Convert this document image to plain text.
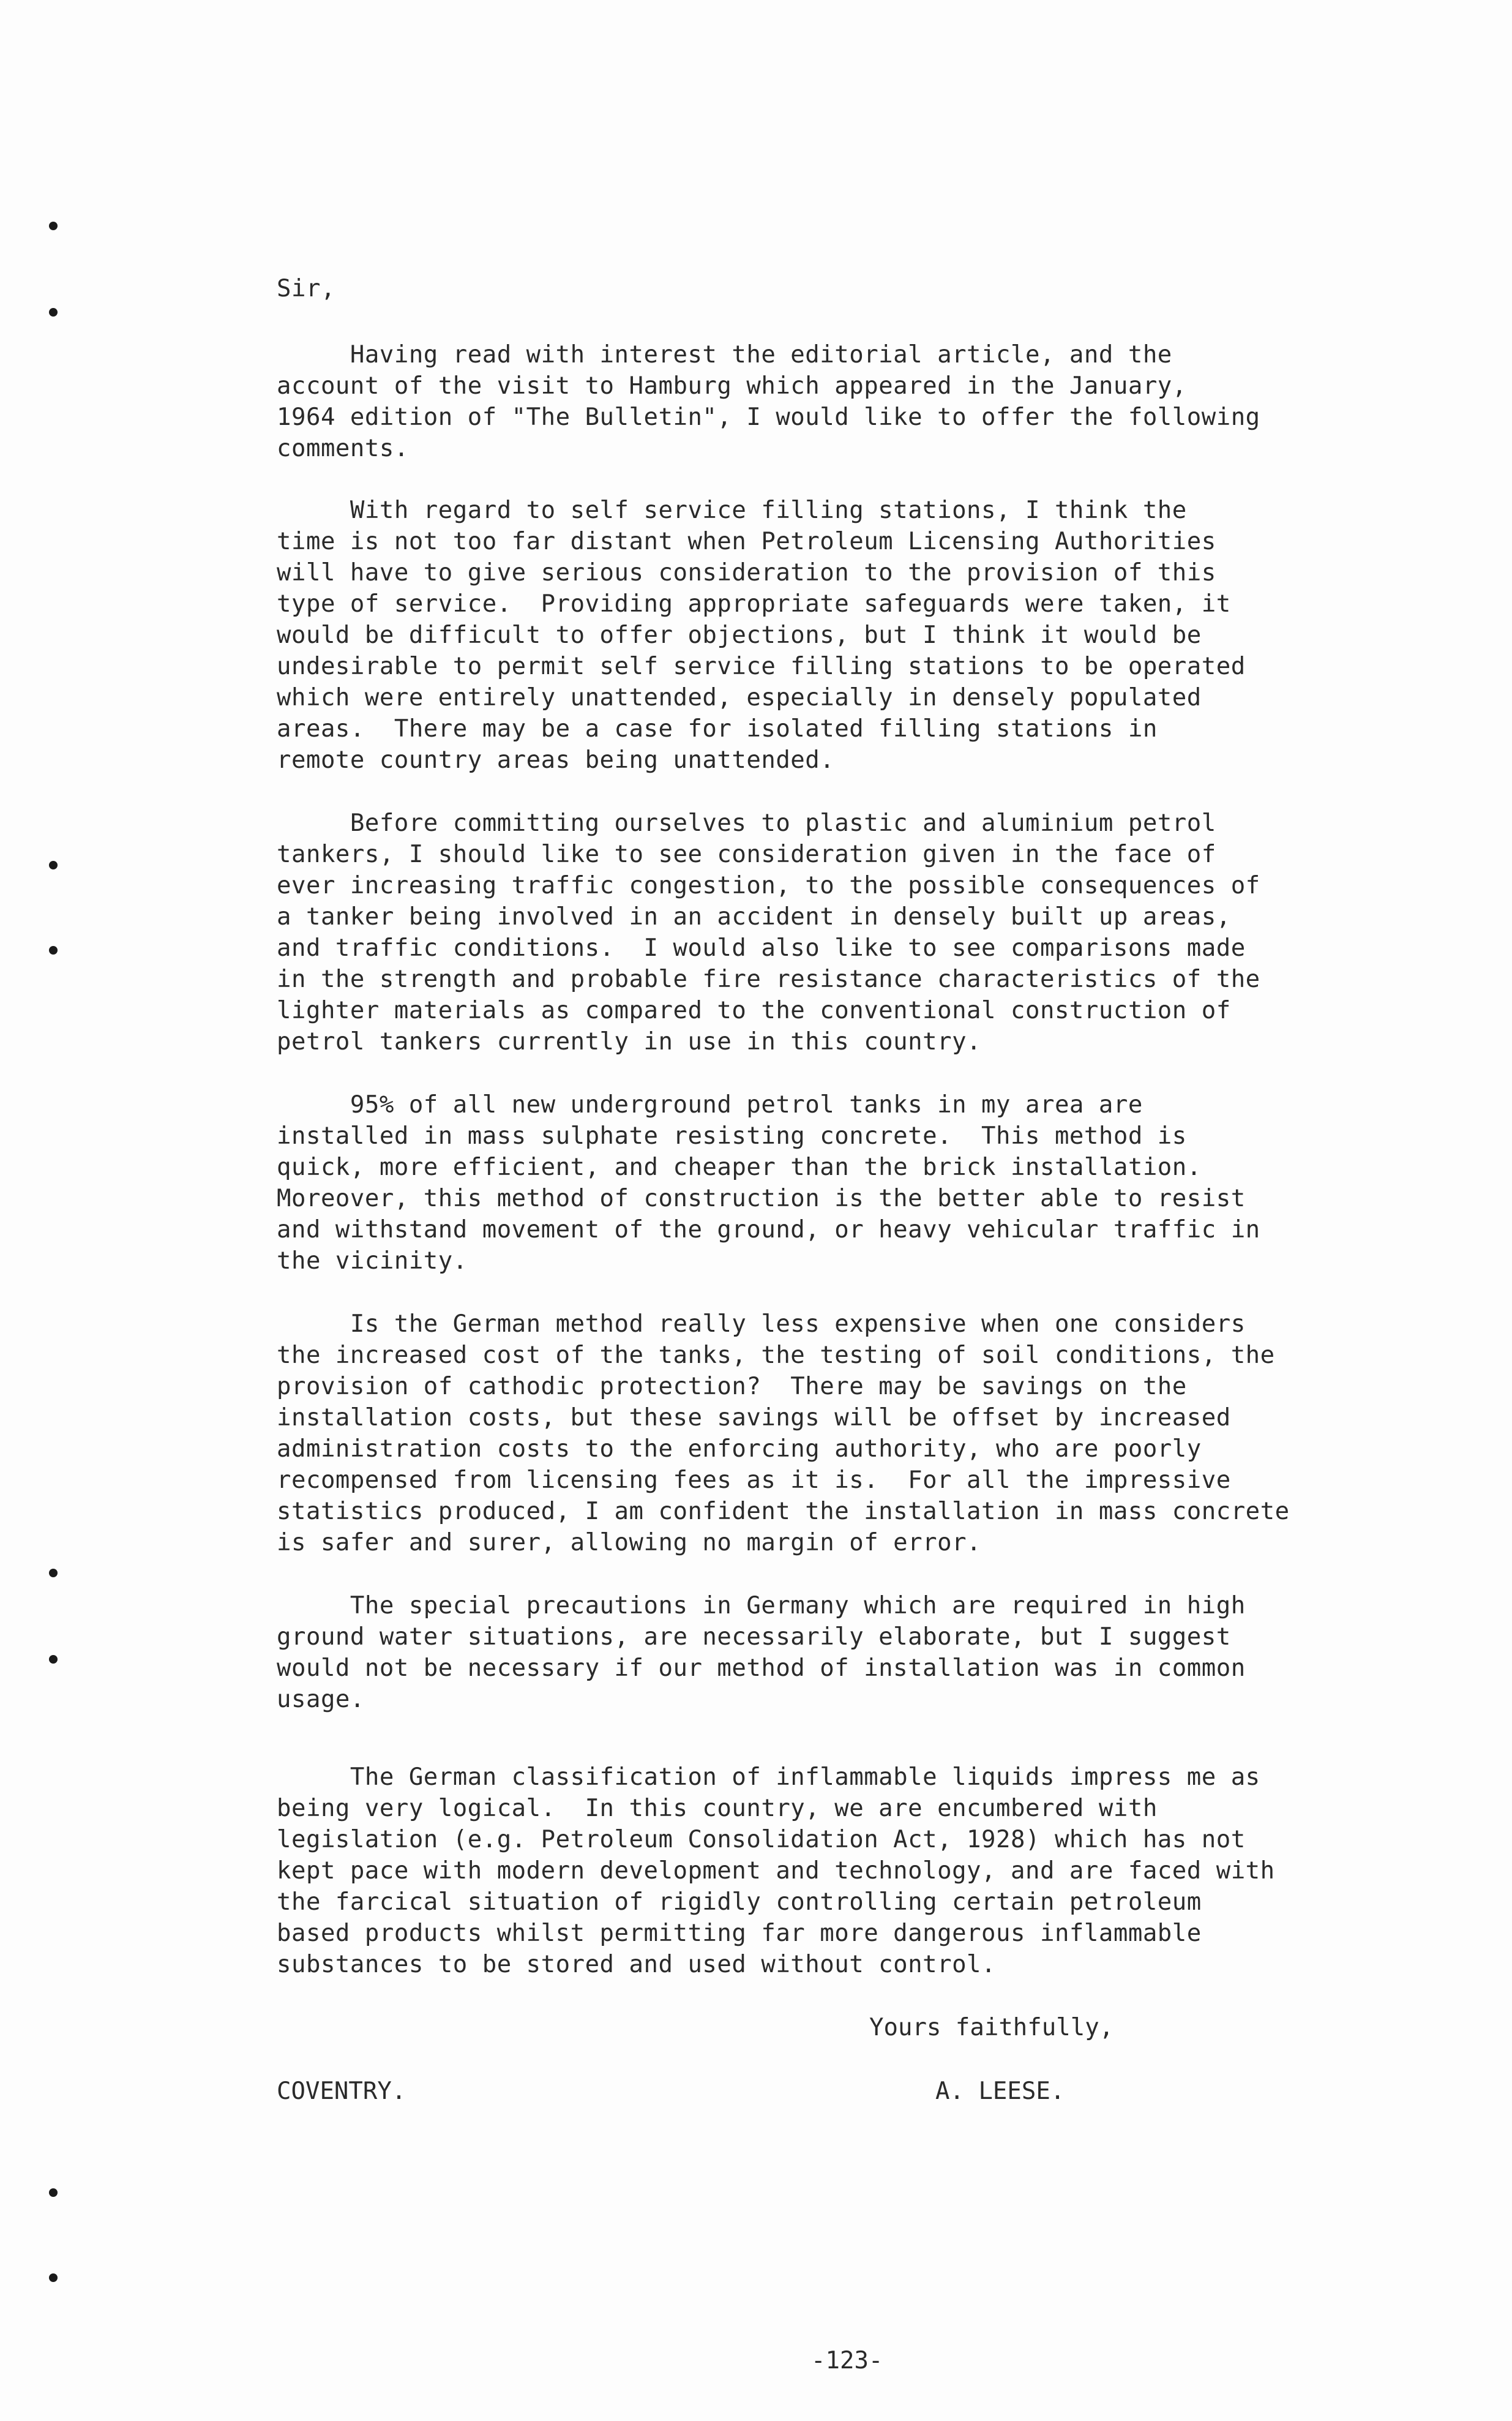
Sir,
Having read with interest the editorial article, and the
account of the visit to Hamburg which appeared in the January,
1964 edition of "The Bulletin", I would like to offer the following
comments.
With regard to self service filling stations, I think the
time is not too far distant when Petroleum Licensing Authorities
will have to give serious consideration to the provision of this
type of service.  Providing appropriate safeguards were taken, it
would be difficult to offer objections, but I think it would be
undesirable to permit self service filling stations to be operated
which were entirely unattended, especially in densely populated
areas.  There may be a case for isolated filling stations in
remote country areas being unattended.
Before committing ourselves to plastic and aluminium petrol
tankers, I should like to see consideration given in the face of
ever increasing traffic congestion, to the possible consequences of
a tanker being involved in an accident in densely built up areas,
and traffic conditions.  I would also like to see comparisons made
in the strength and probable fire resistance characteristics of the
lighter materials as compared to the conventional construction of
petrol tankers currently in use in this country.
95% of all new underground petrol tanks in my area are
installed in mass sulphate resisting concrete.  This method is
quick, more efficient, and cheaper than the brick installation.
Moreover, this method of construction is the better able to resist
and withstand movement of the ground, or heavy vehicular traffic in
the vicinity.
Is the German method really less expensive when one considers
the increased cost of the tanks, the testing of soil conditions, the
provision of cathodic protection?  There may be savings on the
installation costs, but these savings will be offset by increased
administration costs to the enforcing authority, who are poorly
recompensed from licensing fees as it is.  For all the impressive
statistics produced, I am confident the installation in mass concrete
is safer and surer, allowing no margin of error.
The special precautions in Germany which are required in high
ground water situations, are necessarily elaborate, but I suggest
would not be necessary if our method of installation was in common
usage.
The German classification of inflammable liquids impress me as
being very logical.  In this country, we are encumbered with
legislation (e.g. Petroleum Consolidation Act, 1928) which has not
kept pace with modern development and technology, and are faced with
the farcical situation of rigidly controlling certain petroleum
based products whilst permitting far more dangerous inflammable
substances to be stored and used without control.
Yours faithfully,
COVENTRY.	A. LEESE.
-123-
